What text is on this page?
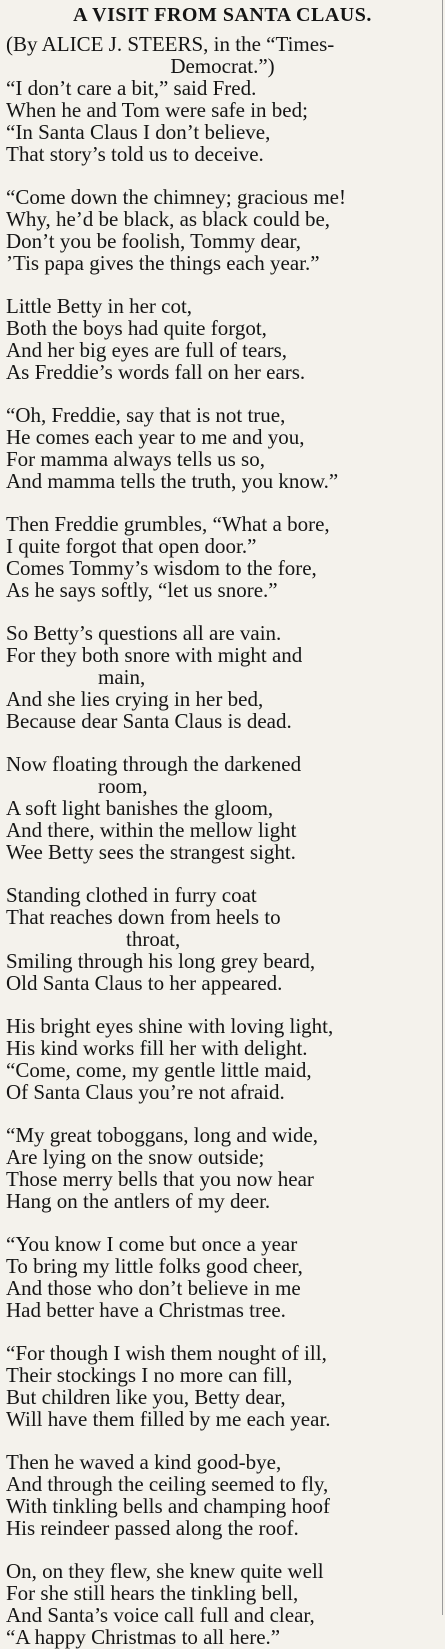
A VISIT FROM SANTA CLAUS.
(By ALICE J. STEERS, in the “Times-
Democrat.”)
“I don’t care a bit,” said Fred.
When he and Tom were safe in bed;
“In Santa Claus I don’t believe,
That story’s told us to deceive.
“Come down the chimney; gracious me!
Why, he’d be black, as black could be,
Don’t you be foolish, Tommy dear,
’Tis papa gives the things each year.”
Little Betty in her cot,
Both the boys had quite forgot,
And her big eyes are full of tears,
As Freddie’s words fall on her ears.
“Oh, Freddie, say that is not true,
He comes each year to me and you,
For mamma always tells us so,
And mamma tells the truth, you know.”
Then Freddie grumbles, “What a bore,
I quite forgot that open door.”
Comes Tommy’s wisdom to the fore,
As he says softly, “let us snore.”
So Betty’s questions all are vain.
For they both snore with might and
main,
And she lies crying in her bed,
Because dear Santa Claus is dead.
Now floating through the darkened
room,
A soft light banishes the gloom,
And there, within the mellow light
Wee Betty sees the strangest sight.
Standing clothed in furry coat
That reaches down from heels to
throat,
Smiling through his long grey beard,
Old Santa Claus to her appeared.
His bright eyes shine with loving light,
His kind works fill her with delight.
“Come, come, my gentle little maid,
Of Santa Claus you’re not afraid.
“My great toboggans, long and wide,
Are lying on the snow outside;
Those merry bells that you now hear
Hang on the antlers of my deer.
“You know I come but once a year
To bring my little folks good cheer,
And those who don’t believe in me
Had better have a Christmas tree.
“For though I wish them nought of ill,
Their stockings I no more can fill,
But children like you, Betty dear,
Will have them filled by me each year.
Then he waved a kind good-bye,
And through the ceiling seemed to fly,
With tinkling bells and champing hoof
His reindeer passed along the roof.
On, on they flew, she knew quite well
For she still hears the tinkling bell,
And Santa’s voice call full and clear,
“A happy Christmas to all here.”
